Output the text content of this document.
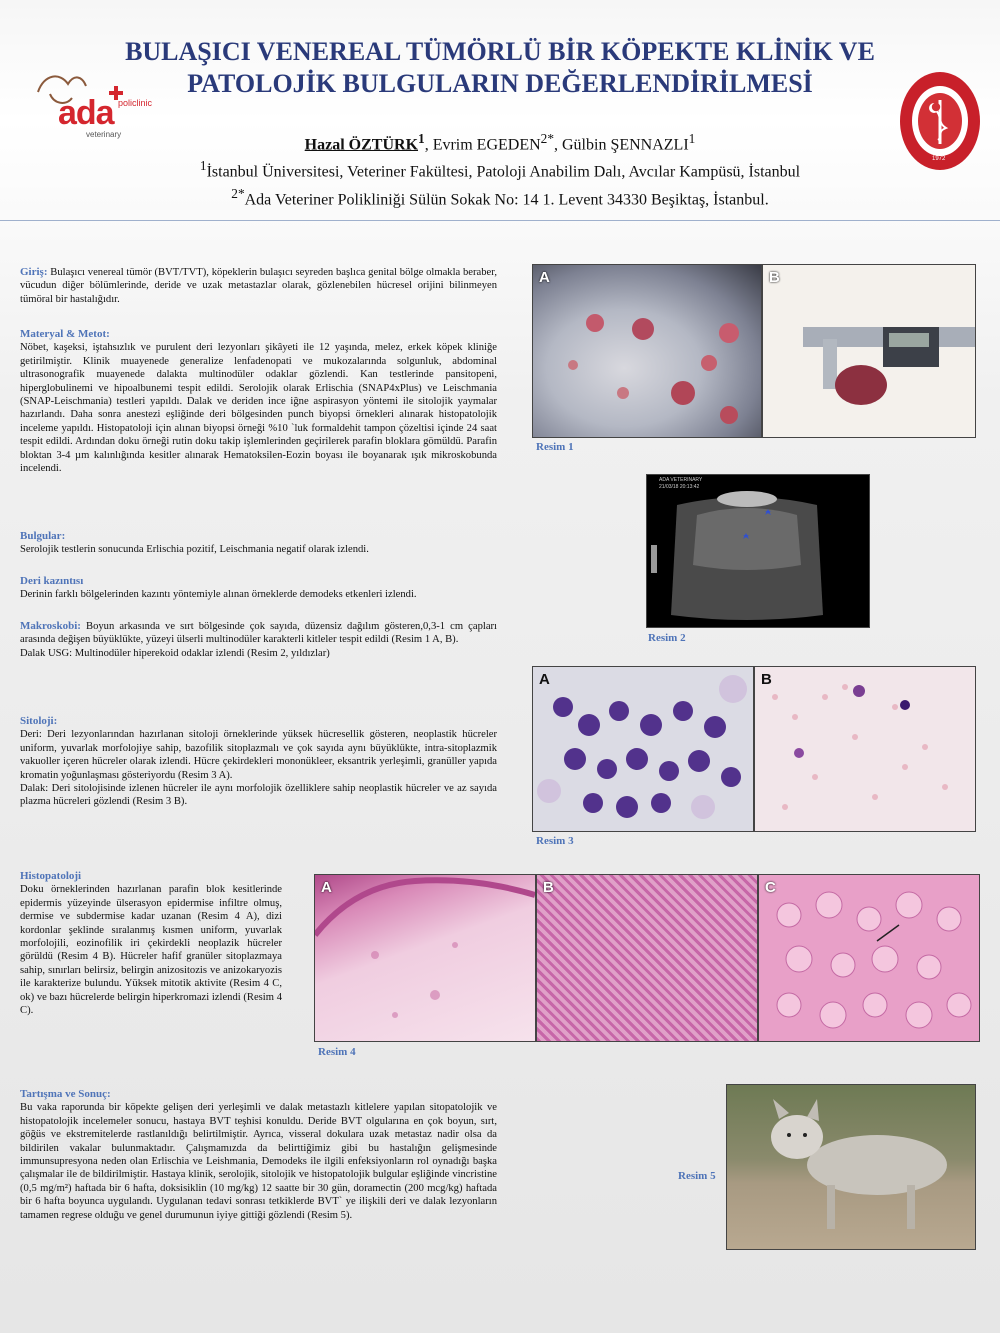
BULAŞICI VENEREAL TÜMÖRLÜ BİR KÖPEKTE KLİNİK VE
PATOLOJİK BULGULARIN DEĞERLENDİRİLMESİ
ada policlinic
veterinary
1972
Hazal ÖZTÜRK$^1$, Evrim $EGEDEN^{2*}$, Gülbin ŞENNAZLI$^1$
$^1$İstanbul Üniversitesi, Veteriner Fakültesi, Patoloji Anabilim Dalı, Avcılar Kampüsü, İstanbul
$^{2*}$Ada Veteriner Polikliniği Sülün Sokak No: 14 1. Levent 34330 Beşiktaş, İstanbul.
Giriş: Bulaşıcı venereal tümör (BVT/TVT), köpeklerin bulaşıcı seyreden başlıca genital bölge olmakla beraber, vücudun diğer bölümlerinde, deride ve uzak metastazlar olarak, gözlenebilen hücresel orijini bilinmeyen tümöral bir hastalığıdır.
Materyal & Metot:
Nöbet, kaşeksi, iştahsızlık ve purulent deri lezyonları şikâyeti ile 12 yaşında, melez, erkek köpek kliniğe getirilmiştir. Klinik muayenede generalize lenfadenopati ve mukozalarında solgunluk, abdominal ultrasonografik muayenede dalakta multinodüler odaklar gözlendi. Kan testlerinde pansitopeni, hiperglobulinemi ve hipoalbunemi tespit edildi. Serolojik olarak Erlischia (SNAP4xPlus) ve Leischmania (SNAP-Leischmania) testleri yapıldı. Dalak ve deriden ince iğne aspirasyon yöntemi ile sitolojik yaymalar hazırlandı. Daha sonra anestezi eşliğinde deri bölgesinden punch biyopsi örnekleri alınarak histopatolojik inceleme yapıldı. Histopatoloji için alınan biyopsi örneği %10 `luk formaldehit tampon çözeltisi içinde 24 saat tespit edildi. Ardından doku örneği rutin doku takip işlemlerinden geçirilerek parafin bloklara gömüldü. Parafin bloktan 3-4 µm kalınlığında kesitler alınarak Hematoksilen-Eozin boyası ile boyanarak ışık mikroskobunda incelendi.
Bulgular:
Serolojik testlerin sonucunda Erlischia pozitif, Leischmania negatif olarak izlendi.
Deri kazıntısı
Derinin farklı bölgelerinden kazıntı yöntemiyle alınan örneklerde demodeks etkenleri izlendi.
Makroskobi: Boyun arkasında ve sırt bölgesinde çok sayıda, düzensiz dağılım gösteren,0,3-1 cm çapları arasında değişen büyüklükte, yüzeyi ülserli multinodüler karakterli kitleler tespit edildi (Resim 1 A, B).
Dalak USG: Multinodüler hiperekoid odaklar izlendi (Resim 2, yıldızlar)
Sitoloji:
Deri: Deri lezyonlarından hazırlanan sitoloji örneklerinde yüksek hücresellik gösteren, neoplastik hücreler uniform, yuvarlak morfolojiye sahip, bazofilik sitoplazmalı ve çok sayıda aynı büyüklükte, intra-sitoplazmik vakuoller içeren hücreler olarak izlendi. Hücre çekirdekleri mononükleer, eksantrik yerleşimli, granüller yapıda kromatin yoğunlaşması gösteriyordu (Resim 3 A).
Dalak: Deri sitolojisinde izlenen hücreler ile aynı morfolojik özelliklere sahip neoplastik hücreler ve az sayıda plazma hücreleri gözlendi (Resim 3 B).
Histopatoloji
Doku örneklerinden hazırlanan parafin blok kesitlerinde epidermis yüzeyinde ülserasyon epidermise infiltre olmuş, dermise ve subdermise kadar uzanan (Resim 4 A), dizi kordonlar şeklinde sıralanmış kısmen uniform, yuvarlak morfolojili, eozinofilik iri çekirdekli neoplazik hücreler görüldü (Resim 4 B). Hücreler hafif granüler sitoplazmaya sahip, sınırları belirsiz, belirgin anizositozis ve anizokaryozis ile karakterize bulundu. Yüksek mitotik aktivite (Resim 4 C, ok) ve bazı hücrelerde belirgin hiperkromazi izlendi (Resim 4 C).
Tartışma ve Sonuç:
Bu vaka raporunda bir köpekte gelişen deri yerleşimli ve dalak metastazlı kitlelere yapılan sitopatolojik ve histopatolojik incelemeler sonucu, hastaya BVT teşhisi konuldu. Deride BVT olgularına en çok boyun, sırt, göğüs ve ekstremitelerde rastlanıldığı belirtilmiştir. Ayrıca, visseral dokulara uzak metastaz nadir olsa da bildirilen vakalar bulunmaktadır. Çalışmamızda da belirttiğimiz gibi bu hastalığın gelişmesinde immunsupresyona neden olan Erlischia ve Leishmania, Demodeks ile ilgili enfeksiyonların rol oynadığı başka çalışmalar ile de bildirilmiştir. Hastaya klinik, serolojik, sitolojik ve histopatolojik bulgular eşliğinde vincristine (0,5 mg/m²) haftada bir 6 hafta, doksisiklin (10 mg/kg) 12 saatte bir 30 gün, doramectin (200 mcg/kg) haftada bir 6 hafta boyunca uygulandı. Uygulanan tedavi sonrası tetkiklerde BVT` ye ilişkili deri ve dalak lezyonların tamamen regrese olduğu ve genel durumunun iyiye gittiği gözlendi (Resim 5).
A	B
Resim 1
ADA VETERINARY
21/03/18 20:13:42
Resim 2
A	B
Resim 3
A	B	C
Resim 4
Resim 5
